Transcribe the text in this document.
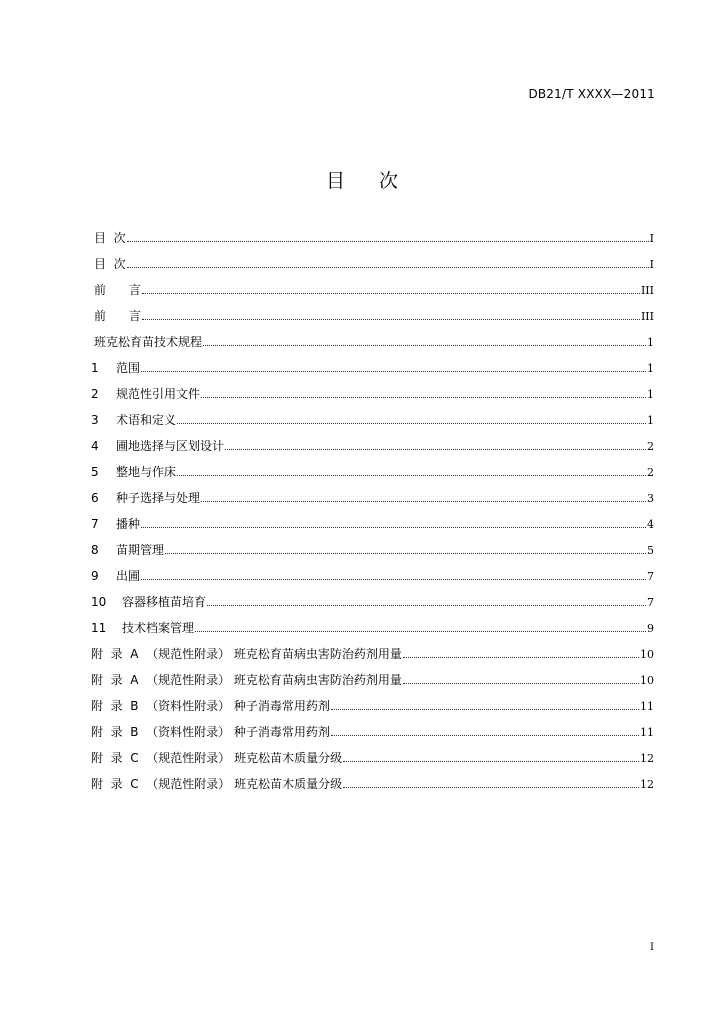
DB21/T XXXX—2011
目 次
目  次	I
目  次	I
前      言	III
前      言	III
班克松育苗技术规程	1
1	范围	1
2	规范性引用文件	1
3	术语和定义	1
4	圃地选择与区划设计	2
5	整地与作床	2
6	种子选择与处理	3
7	播种	4
8	苗期管理	5
9	出圃	7
10	容器移植苗培育	7
11	技术档案管理	9
附  录  A  （规范性附录） 班克松育苗病虫害防治药剂用量	10
附  录  A  （规范性附录） 班克松育苗病虫害防治药剂用量	10
附  录  B  （资料性附录） 种子消毒常用药剂	11
附  录  B  （资料性附录） 种子消毒常用药剂	11
附  录  C  （规范性附录） 班克松苗木质量分级	12
附  录  C  （规范性附录） 班克松苗木质量分级	12
I
